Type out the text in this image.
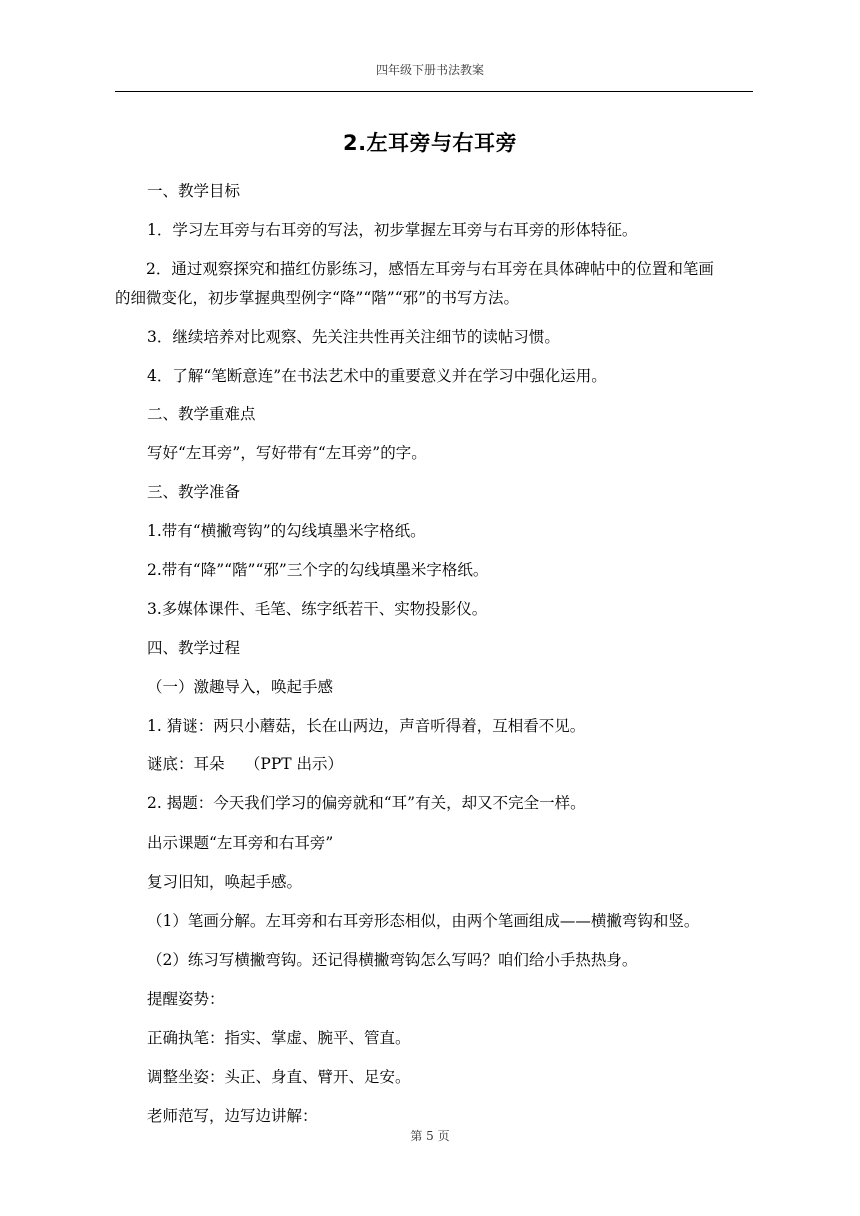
四年级下册书法教案
2.左耳旁与右耳旁
一、教学目标
1．学习左耳旁与右耳旁的写法，初步掌握左耳旁与右耳旁的形体特征。
2．通过观察探究和描红仿影练习，感悟左耳旁与右耳旁在具体碑帖中的位置和笔画
的细微变化，初步掌握典型例字“降”“階”“邪”的书写方法。
3．继续培养对比观察、先关注共性再关注细节的读帖习惯。
4．了解“笔断意连”在书法艺术中的重要意义并在学习中强化运用。
二、教学重难点
写好“左耳旁”，写好带有“左耳旁”的字。
三、教学准备
1.带有“横撇弯钩”的勾线填墨米字格纸。
2.带有“降”“階”“邪”三个字的勾线填墨米字格纸。
3.多媒体课件、毛笔、练字纸若干、实物投影仪。
四、教学过程
（一）激趣导入，唤起手感
1. 猜谜：两只小蘑菇，长在山两边，声音听得着，互相看不见。
谜底：耳朵　 （PPT 出示）
2. 揭题：今天我们学习的偏旁就和“耳”有关，却又不完全一样。
出示课题“左耳旁和右耳旁”
复习旧知，唤起手感。
（1）笔画分解。左耳旁和右耳旁形态相似，由两个笔画组成——横撇弯钩和竖。
（2）练习写横撇弯钩。还记得横撇弯钩怎么写吗？咱们给小手热热身。
提醒姿势：
正确执笔：指实、掌虚、腕平、管直。
调整坐姿：头正、身直、臂开、足安。
老师范写，边写边讲解：
第 5 页
